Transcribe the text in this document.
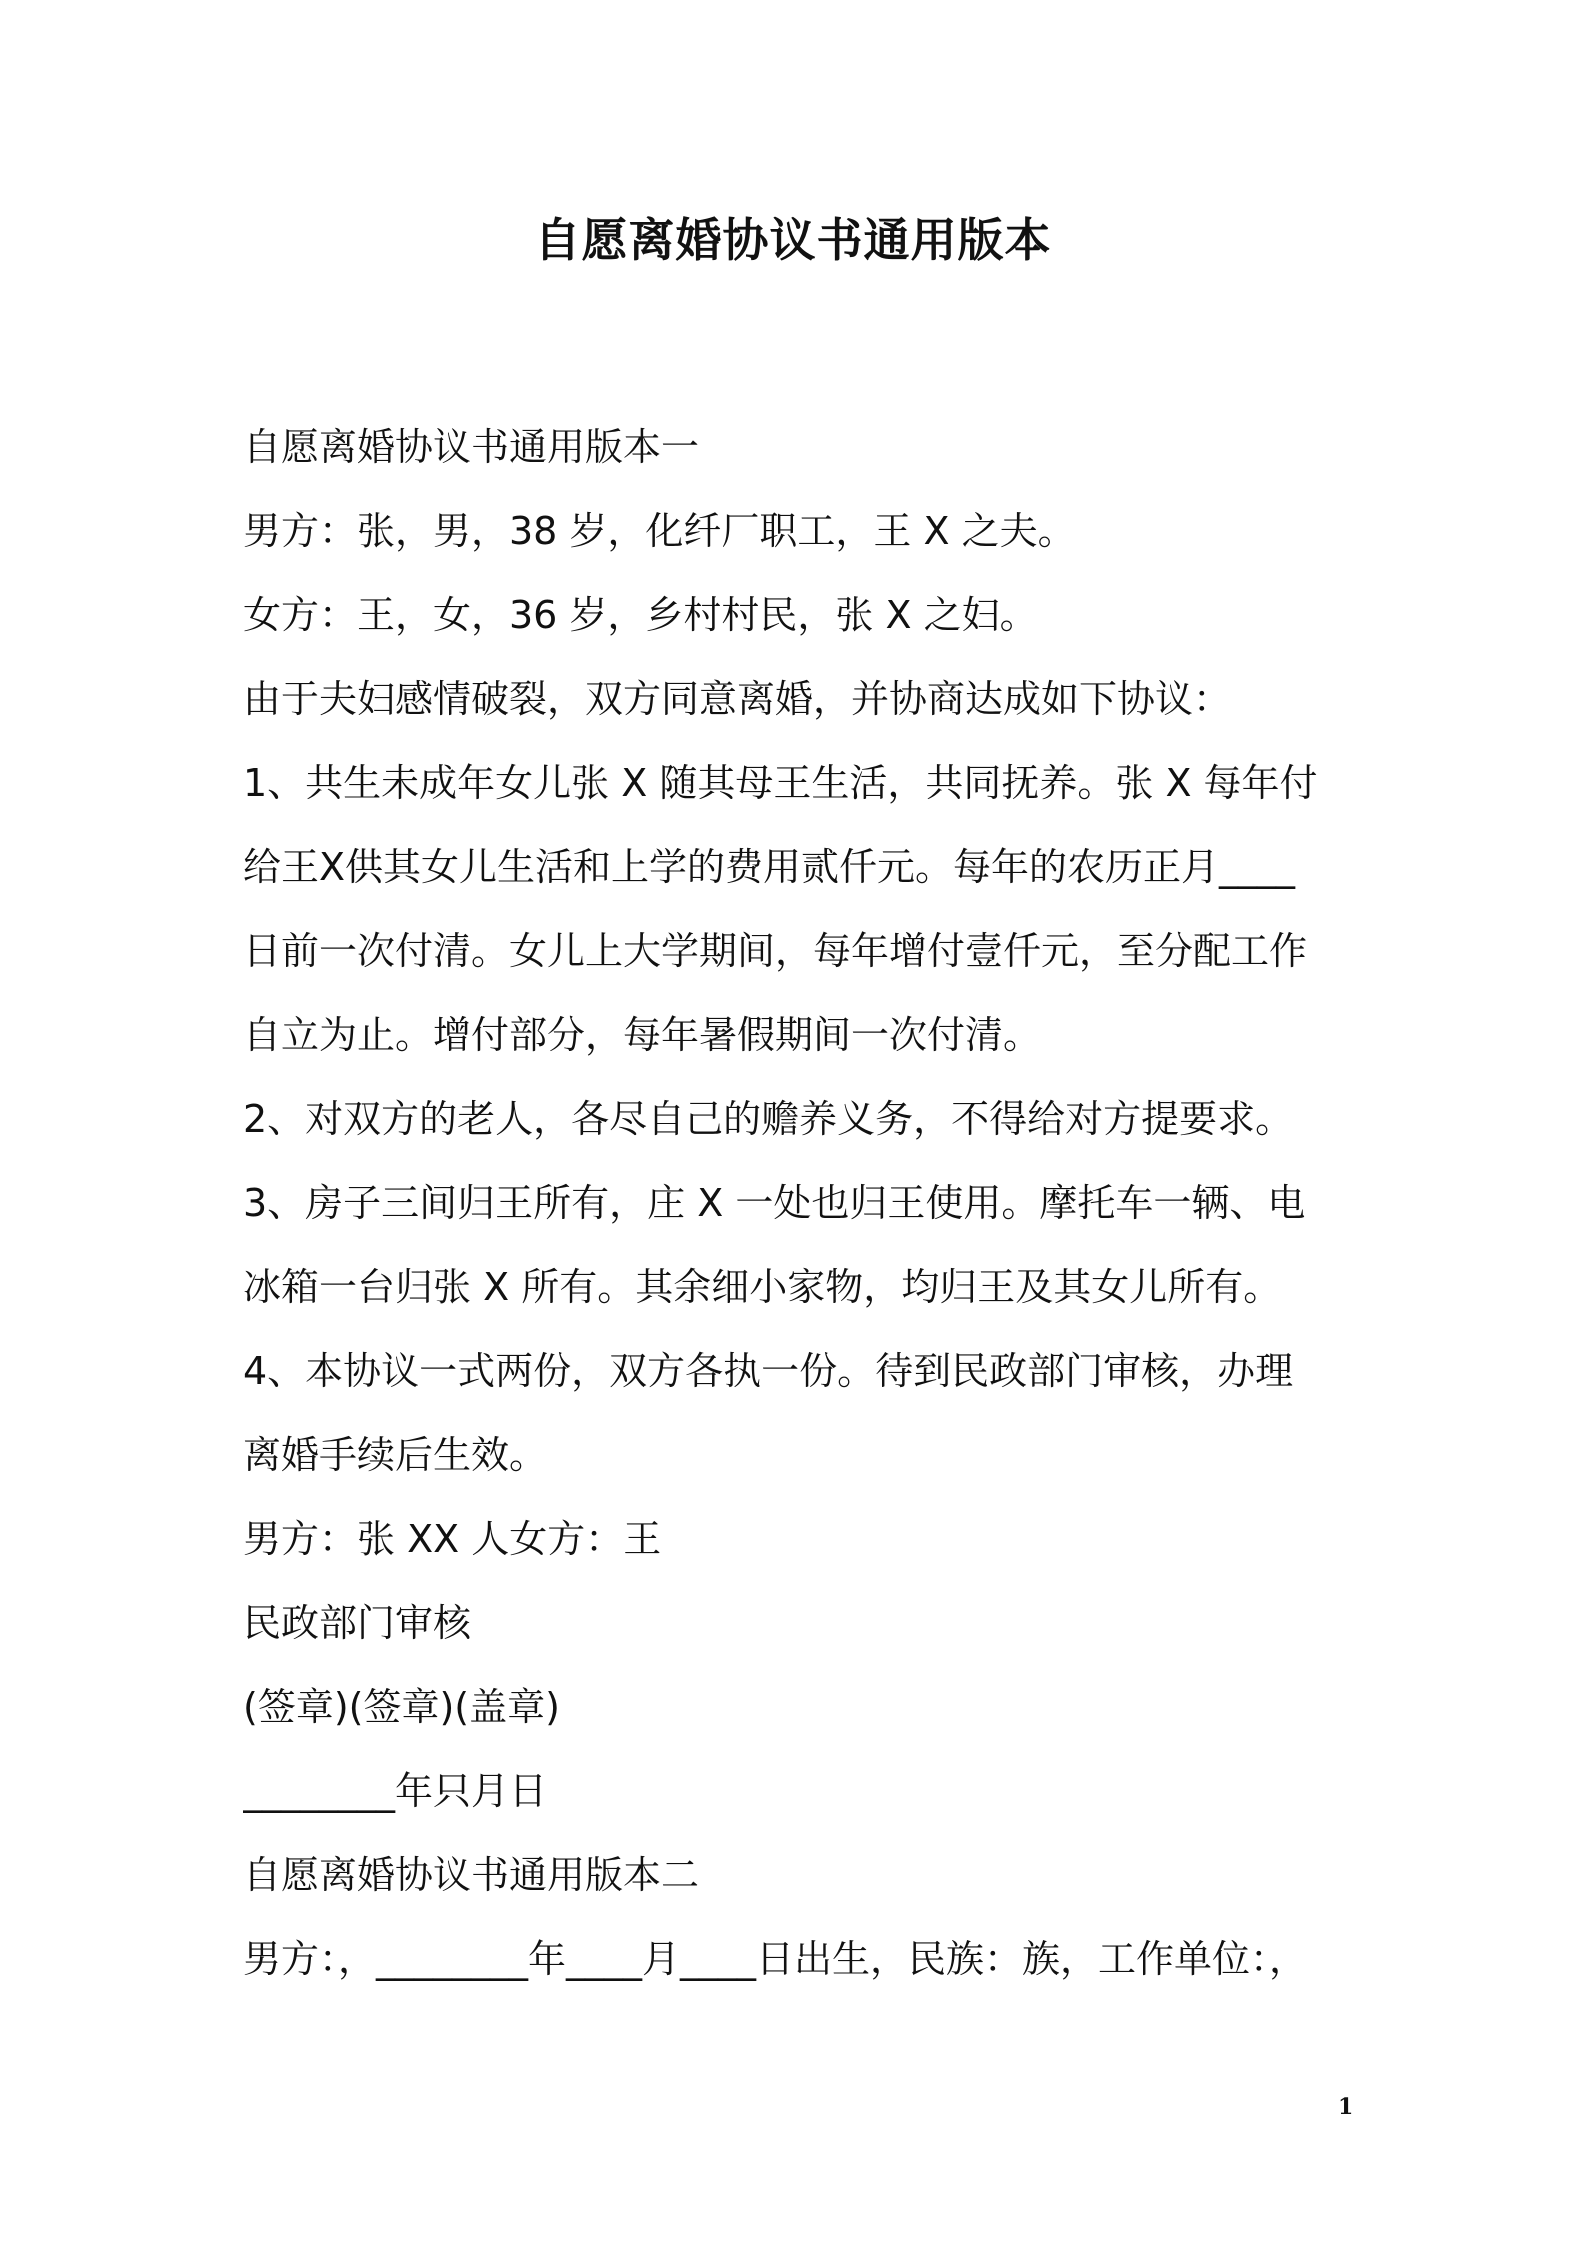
自愿离婚协议书通用版本
自愿离婚协议书通用版本一
男方：张，男，38 岁，化纤厂职工，王 X 之夫。
女方：王，女，36 岁，乡村村民，张 X 之妇。
由于夫妇感情破裂，双方同意离婚，并协商达成如下协议：
1、共生未成年女儿张 X 随其母王生活，共同抚养。张 X 每年付
给王X供其女儿生活和上学的费用贰仟元。每年的农历正月____
日前一次付清。女儿上大学期间，每年增付壹仟元，至分配工作
自立为止。增付部分，每年暑假期间一次付清。
2、对双方的老人，各尽自己的赡养义务，不得给对方提要求。
3、房子三间归王所有，庄 X 一处也归王使用。摩托车一辆、电
冰箱一台归张 X 所有。其余细小家物，均归王及其女儿所有。
4、本协议一式两份，双方各执一份。待到民政部门审核，办理
离婚手续后生效。
男方：张 XX 人女方：王
民政部门审核
(签章)(签章)(盖章)
________年只月日
自愿离婚协议书通用版本二
男方：，________年____月____日出生，民族：族，工作单位：，
1
